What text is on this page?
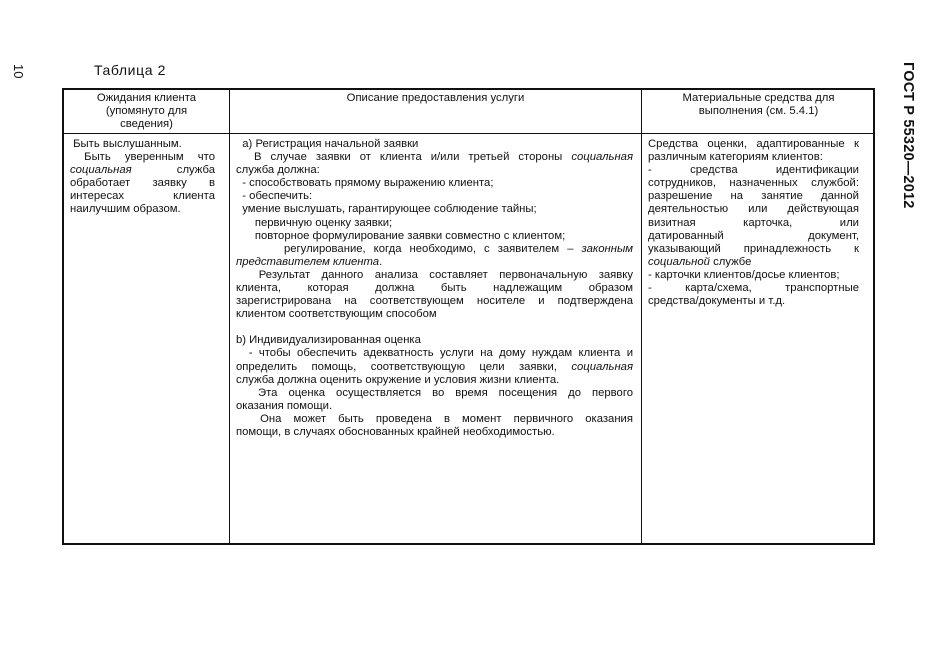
10	ГОСТ Р 55320—2012
Таблица 2
Ожидания клиента
(упомянуто для
сведения)
Описание предоставления услуги	Материальные средства для
выполнения (см. 5.4.1)
Быть выслушанным.
Быть уверенным что
социальная служба
обработает заявку в
интересах клиента
наилучшим образом.
а) Регистрация начальной заявки
В случае заявки от клиента и/или третьей стороны социальная
служба должна:
- способствовать прямому выражению клиента;
- обеспечить:
умение выслушать, гарантирующее соблюдение тайны;
первичную оценку заявки;
повторное формулирование заявки совместно с клиентом;
регулирование, когда необходимо, с заявителем – законным
представителем клиента.
Результат данного анализа составляет первоначальную заявку
клиента, которая должна быть надлежащим образом
зарегистрирована на соответствующем носителе и подтверждена
клиентом соответствующим способом
b) Индивидуализированная оценка
- чтобы обеспечить адекватность услуги на дому нуждам клиента и
определить помощь, соответствующую цели заявки, социальная
служба должна оценить окружение и условия жизни клиента.
Эта оценка осуществляется во время посещения до первого
оказания помощи.
Она может быть проведена в момент первичного оказания
помощи, в случаях обоснованных крайней необходимостью.
Средства оценки, адаптированные к
различным категориям клиентов:
- средства идентификации
сотрудников, назначенных службой:
разрешение на занятие данной
деятельностью или действующая
визитная карточка, или
датированный документ,
указывающий принадлежность к
социальной службе
- карточки клиентов/досье клиентов;
- карта/схема, транспортные
средства/документы и т.д.
